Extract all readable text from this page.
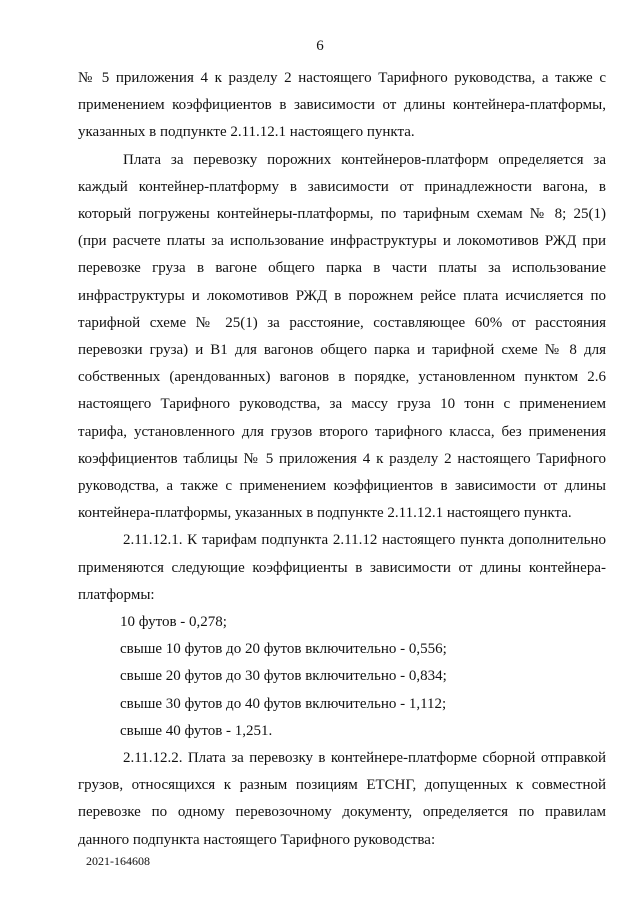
6

№ 5 приложения 4 к разделу 2 настоящего Тарифного руководства, а также с применением коэффициентов в зависимости от длины контейнера-платформы, указанных в подпункте 2.11.12.1 настоящего пункта.

Плата за перевозку порожних контейнеров-платформ определяется за каждый контейнер-платформу в зависимости от принадлежности вагона, в который погружены контейнеры-платформы, по тарифным схемам № 8; 25(1) (при расчете платы за использование инфраструктуры и локомотивов РЖД при перевозке груза в вагоне общего парка в части платы за использование инфраструктуры и локомотивов РЖД в порожнем рейсе плата исчисляется по тарифной схеме № 25(1) за расстояние, составляющее 60% от расстояния перевозки груза) и В1 для вагонов общего парка и тарифной схеме № 8 для собственных (арендованных) вагонов в порядке, установленном пунктом 2.6 настоящего Тарифного руководства, за массу груза 10 тонн с применением тарифа, установленного для грузов второго тарифного класса, без применения коэффициентов таблицы № 5 приложения 4 к разделу 2 настоящего Тарифного руководства, а также с применением коэффициентов в зависимости от длины контейнера-платформы, указанных в подпункте 2.11.12.1 настоящего пункта.

2.11.12.1. К тарифам подпункта 2.11.12 настоящего пункта дополнительно применяются следующие коэффициенты в зависимости от длины контейнера-платформы:

10 футов - 0,278;
свыше 10 футов до 20 футов включительно - 0,556;
свыше 20 футов до 30 футов включительно - 0,834;
свыше 30 футов до 40 футов включительно - 1,112;
свыше 40 футов - 1,251.

2.11.12.2. Плата за перевозку в контейнере-платформе сборной отправкой грузов, относящихся к разным позициям ЕТСНГ, допущенных к совместной перевозке по одному перевозочному документу, определяется по правилам данного подпункта настоящего Тарифного руководства:

2021-164608
